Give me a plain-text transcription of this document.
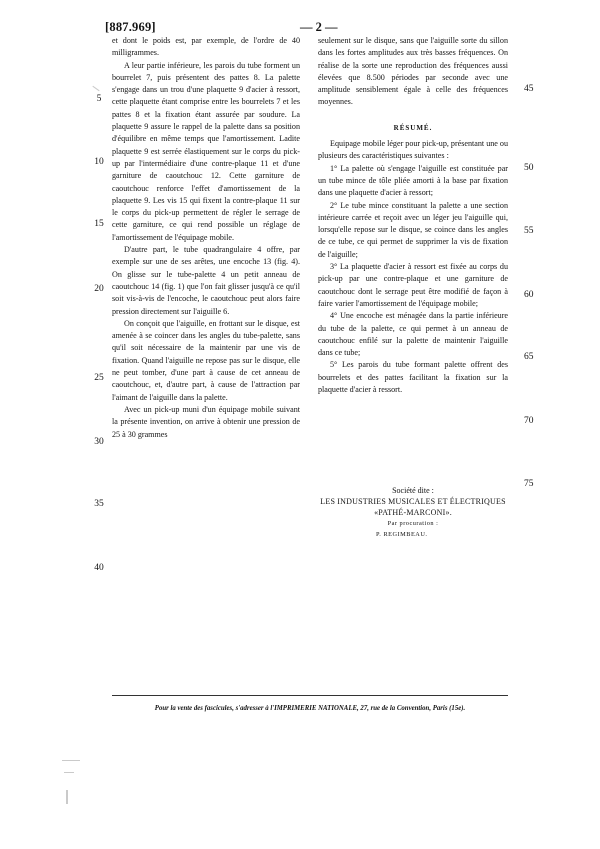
[887.969]	— 2 —

et dont le poids est, par exemple, de l'ordre de 40 milligrammes.

A leur partie inférieure, les parois du tube forment un bourrelet 7, puis présentent des pattes 8. La palette s'engage dans un trou d'une plaquette 9 d'acier à ressort, cette plaquette étant comprise entre les bourrelets 7 et les pattes 8 et la fixation étant assurée par soudure. La plaquette 9 assure le rappel de la palette dans sa position d'équilibre en même temps que l'amortissement. Ladite plaquette 9 est serrée élastiquement sur le corps du pick-up par l'intermédiaire d'une contre-plaque 11 et d'une garniture de caoutchouc 12. Cette garniture de caoutchouc renforce l'effet d'amortissement de la plaquette 9. Les vis 15 qui fixent la contre-plaque 11 sur le corps du pick-up permettent de régler le serrage de cette garniture, ce qui rend possible un réglage de l'amortissement de l'équipage mobile.

D'autre part, le tube quadrangulaire 4 offre, par exemple sur une de ses arêtes, une encoche 13 (fig. 4). On glisse sur le tube-palette 4 un petit anneau de caoutchouc 14 (fig. 1) que l'on fait glisser jusqu'à ce qu'il soit vis-à-vis de l'encoche, le caoutchouc peut alors faire pression directement sur l'aiguille 6.

On conçoit que l'aiguille, en frottant sur le disque, est amenée à se coincer dans les angles du tube-palette, sans qu'il soit nécessaire de la maintenir par une vis de fixation. Quand l'aiguille ne repose pas sur le disque, elle ne peut tomber, d'une part à cause de cet anneau de caoutchouc, et, d'autre part, à cause de l'attraction par l'aimant de l'aiguille dans la palette.

Avec un pick-up muni d'un équipage mobile suivant la présente invention, on arrive à obtenir une pression de 25 à 30 grammes

seulement sur le disque, sans que l'aiguille sorte du sillon dans les fortes amplitudes aux très basses fréquences. On réalise de la sorte une reproduction des fréquences aussi élevées que 8.500 périodes par seconde avec une amplitude sensiblement égale à celle des fréquences moyennes.

RÉSUMÉ.

Equipage mobile léger pour pick-up, présentant une ou plusieurs des caractéristiques suivantes :

1° La palette où s'engage l'aiguille est constituée par un tube mince de tôle pliée amorti à la base par fixation dans une plaquette d'acier à ressort;

2° Le tube mince constituant la palette a une section intérieure carrée et reçoit avec un léger jeu l'aiguille qui, lorsqu'elle repose sur le disque, se coince dans les angles de ce tube, ce qui permet de supprimer la vis de fixation de l'aiguille;

3° La plaquette d'acier à ressort est fixée au corps du pick-up par une contre-plaque et une garniture de caoutchouc dont le serrage peut être modifié de façon à faire varier l'amortissement de l'équipage mobile;

4° Une encoche est ménagée dans la partie inférieure du tube de la palette, ce qui permet à un anneau de caoutchouc enfilé sur la palette de maintenir l'aiguille dans ce tube;

5° Les parois du tube formant palette offrent des bourrelets et des pattes facilitant la fixation sur la plaquette d'acier à ressort.

Société dite :

LES INDUSTRIES MUSICALES ET ÉLECTRIQUES

«PATHÉ-MARCONI».

Par procuration :

P. REGIMBEAU.

5
10
15
20
25
30
35
40
45
50
55
60
65
70
75
Pour la vente des fascicules, s'adresser à l'IMPRIMERIE NATIONALE, 27, rue de la Convention, Paris (15e).
